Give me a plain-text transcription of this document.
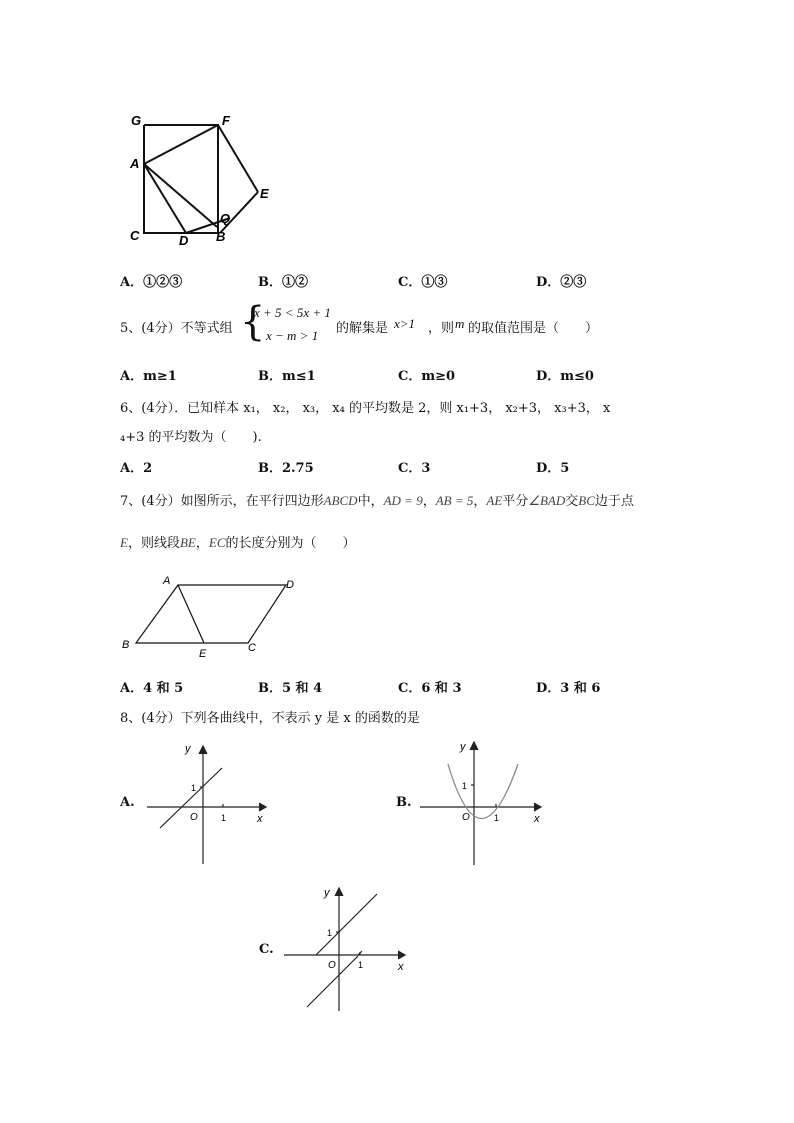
G	F
A
E
Q
C	D B
A．①②③	B．①②	C．①③	D．②③
5、(4分）不等式组 {
x + 5 < 5x + 1
x − m > 1 的解集是 x>1 ，则 m 的取值范围是（　　）
A．m≥1	B．m≤1	C．m≥0	D．m≤0
6、(4分）．已知样本 x₁， x₂， x₃， x₄ 的平均数是 2，则 x₁+3， x₂+3， x₃+3， x
₄+3 的平均数为（　　).
A．2	B．2.75	C．3	D．5
7、(4分）如图所示，在平行四边形ABCD中，AD = 9，AB = 5，AE平分∠BAD交BC边于点
E，则线段BE，EC的长度分别为（　　）
A	D
B
E	C
A．4 和 5	B．5 和 4	C．6 和 3	D．3 和 6
8、(4分）下列各曲线中，不表示 y 是 x 的函数的是
A.
y
x
O	1
1
B.
y
x
O	1
1
C.
y
x
O 1
1
